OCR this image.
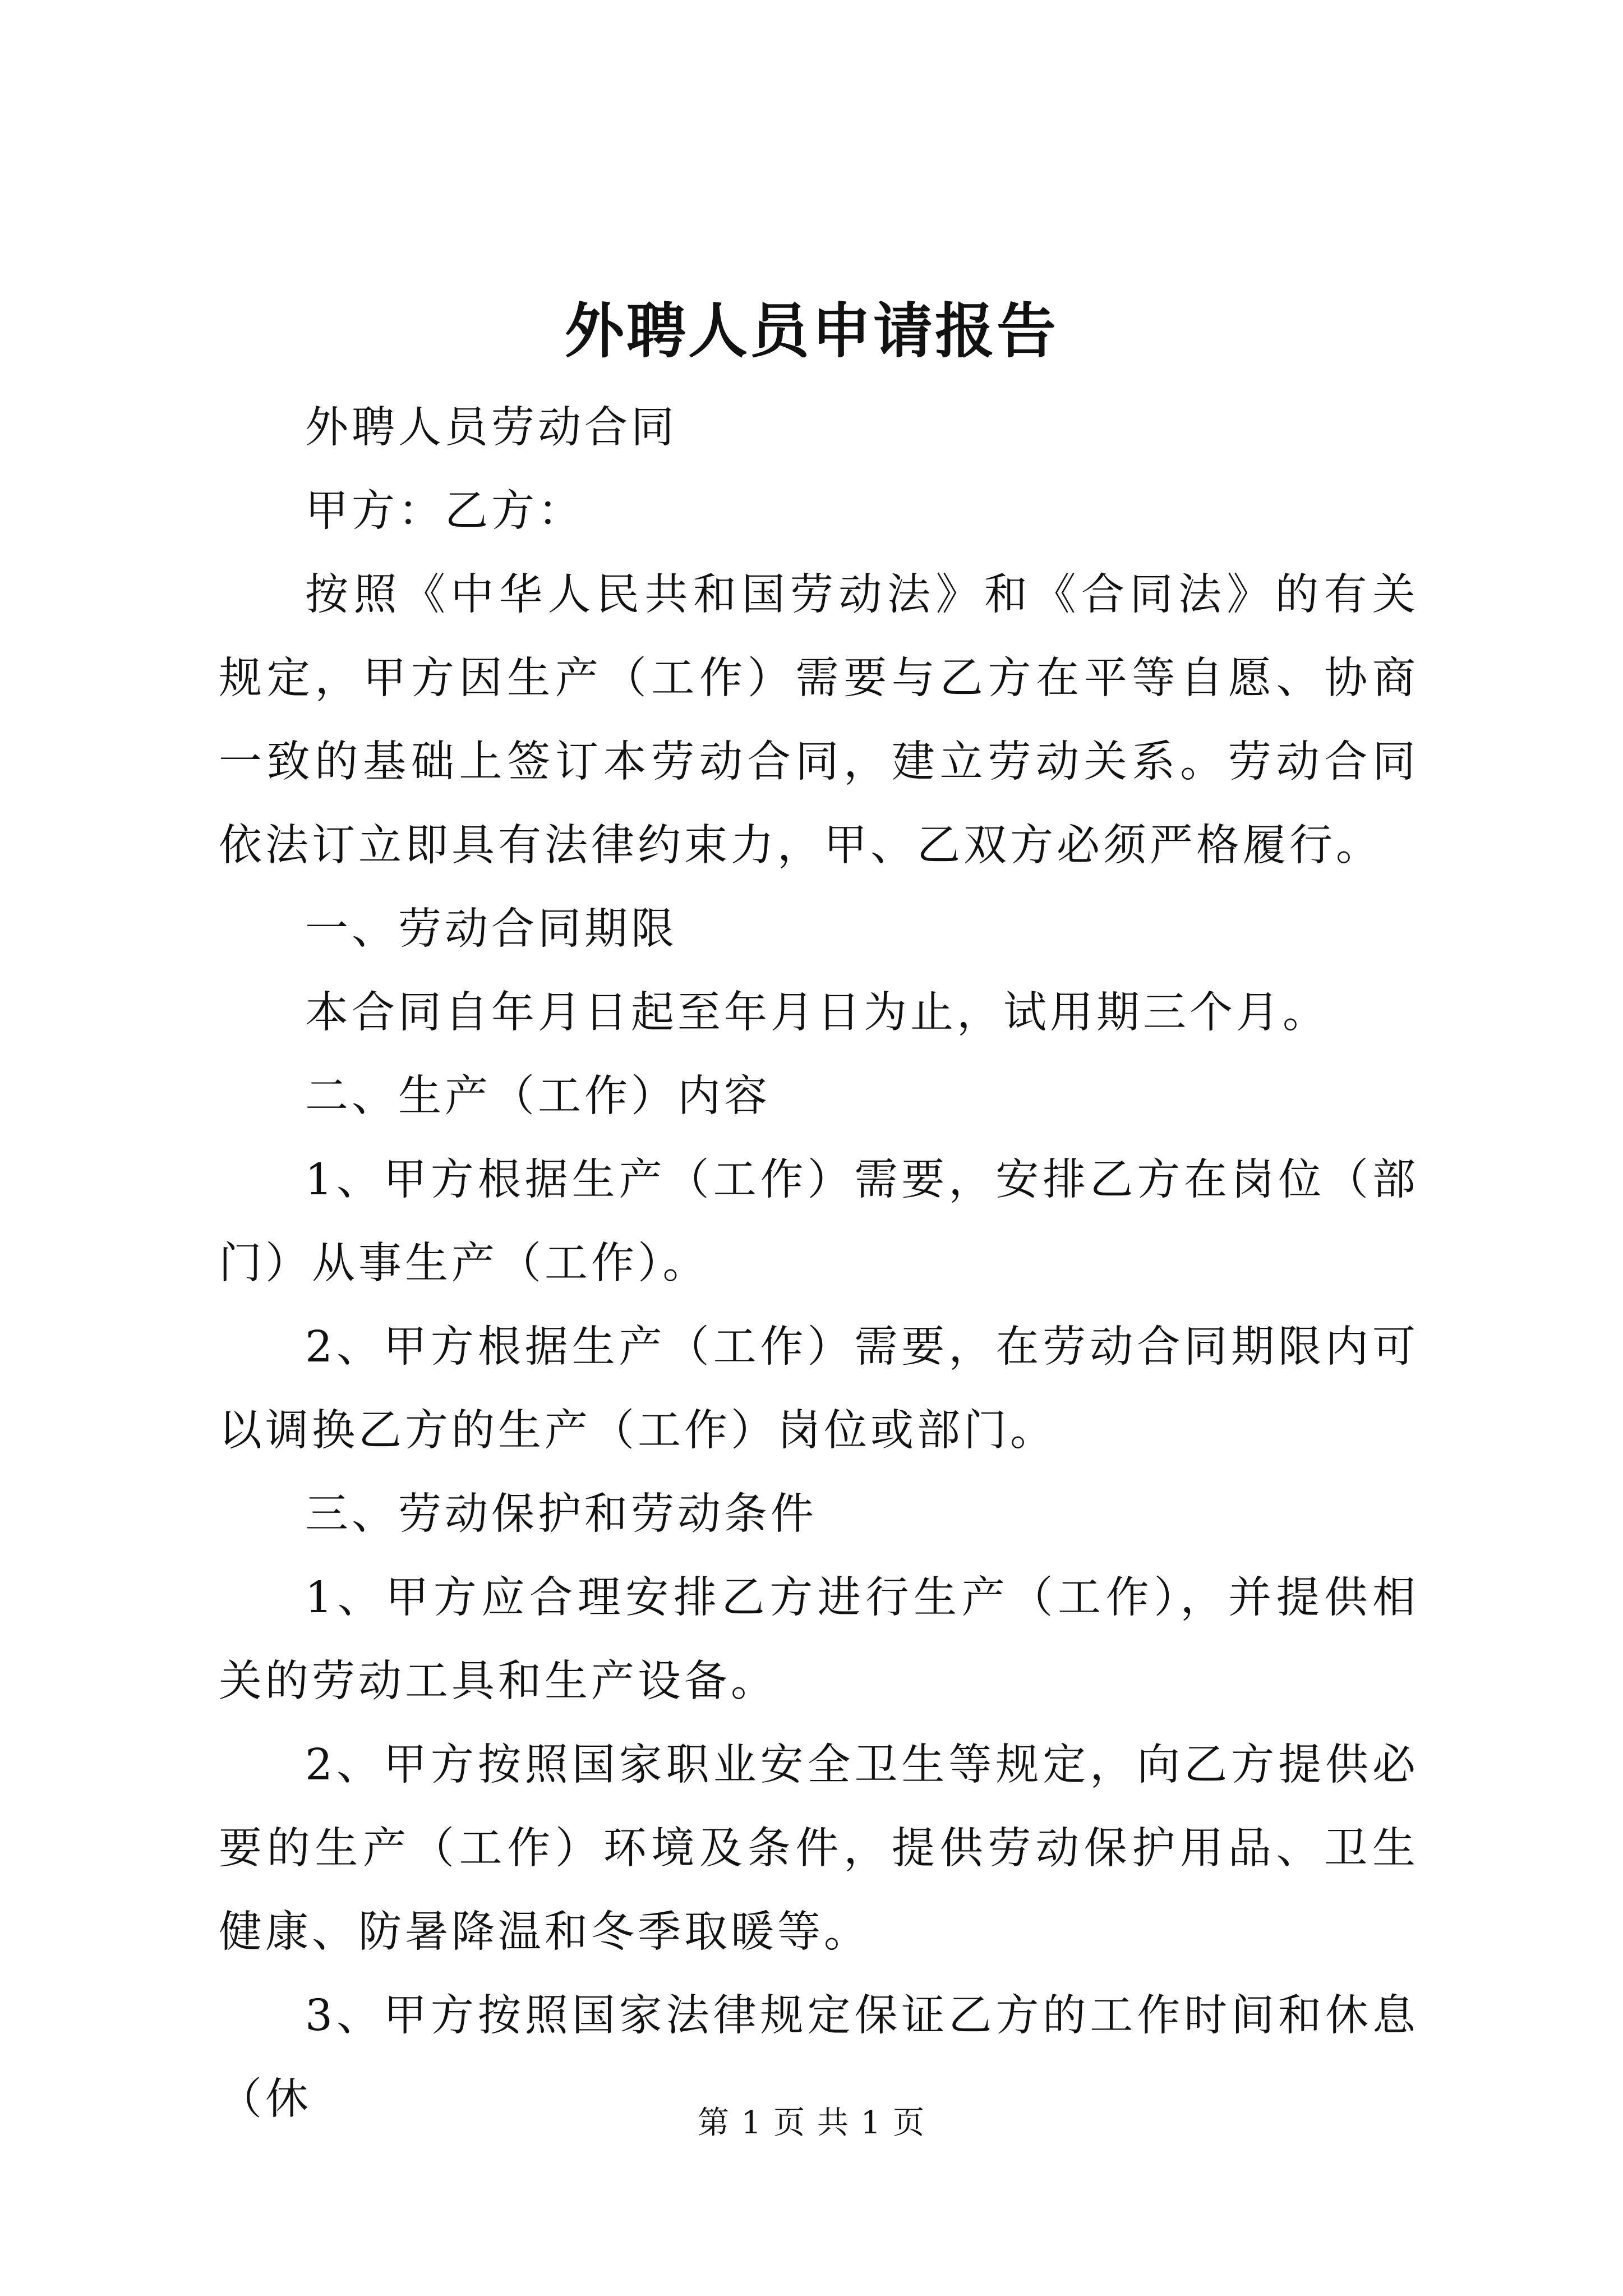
外聘人员申请报告

外聘人员劳动合同

甲方：乙方：

按照《中华人民共和国劳动法》和《合同法》的有关规定，甲方因生产（工作）需要与乙方在平等自愿、协商一致的基础上签订本劳动合同，建立劳动关系。劳动合同依法订立即具有法律约束力，甲、乙双方必须严格履行。

一、劳动合同期限

本合同自年月日起至年月日为止，试用期三个月。

二、生产（工作）内容

1、甲方根据生产（工作）需要，安排乙方在岗位（部门）从事生产（工作）。

2、甲方根据生产（工作）需要，在劳动合同期限内可以调换乙方的生产（工作）岗位或部门。

三、劳动保护和劳动条件

1、甲方应合理安排乙方进行生产（工作），并提供相关的劳动工具和生产设备。

2、甲方按照国家职业安全卫生等规定，向乙方提供必要的生产（工作）环境及条件，提供劳动保护用品、卫生健康、防暑降温和冬季取暖等。

3、甲方按照国家法律规定保证乙方的工作时间和休息（休	第 1 页 共 1 页
